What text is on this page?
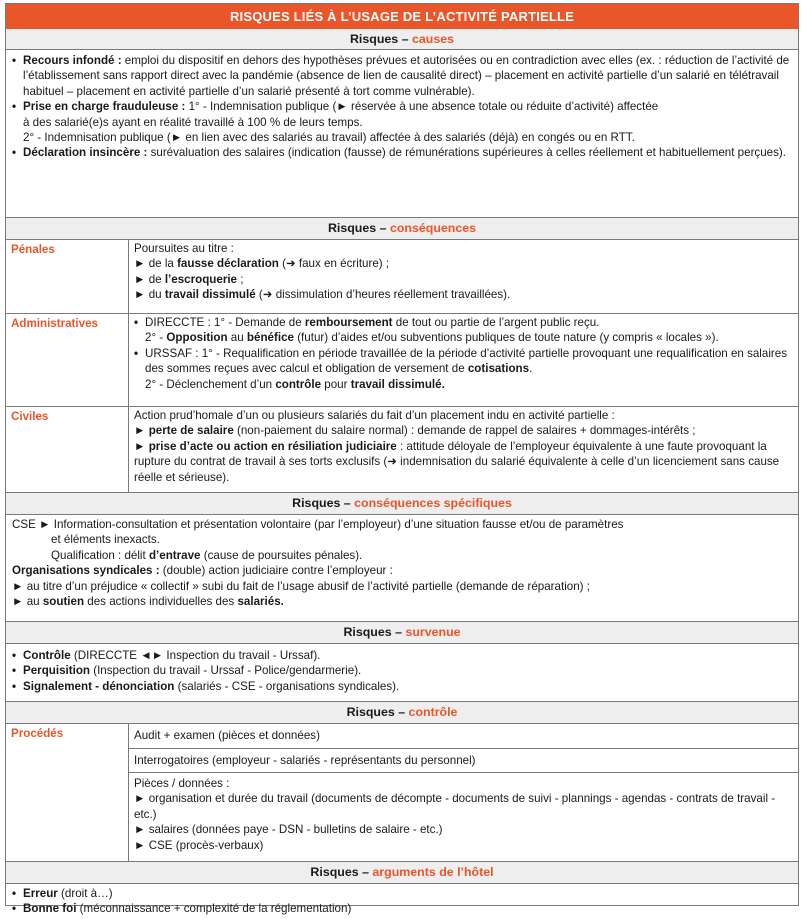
RISQUES LIÉS À L’USAGE DE L’ACTIVITÉ PARTIELLE
Risques – causes
• Recours infondé : emploi du dispositif en dehors des hypothèses prévues et autorisées ou en contradiction avec elles (ex. : réduction de l’activité de l’établissement sans rapport direct avec la pandémie (absence de lien de causalité direct) – placement en activité partielle d’un salarié en télétravail habituel – placement en activité partielle d’un salarié présenté à tort comme vulnérable).
• Prise en charge frauduleuse : 1° - Indemnisation publique (► réservée à une absence totale ou réduite d’activité) affectée
à des salarié(e)s ayant en réalité travaillé à 100 % de leurs temps.
2° - Indemnisation publique (► en lien avec des salariés au travail) affectée à des salariés (déjà) en congés ou en RTT.
• Déclaration insincère : surévaluation des salaires (indication (fausse) de rémunérations supérieures à celles réellement et habituellement perçues).
Risques – conséquences
Pénales	Poursuites au titre :
► de la fausse déclaration (➜ faux en écriture) ;
► de l’escroquerie ;
► du travail dissimulé (➜ dissimulation d’heures réellement travaillées).
Administratives	• DIRECCTE : 1° - Demande de remboursement de tout ou partie de l’argent public reçu.
2° - Opposition au bénéfice (futur) d’aides et/ou subventions publiques de toute nature (y compris « locales »).
• URSSAF : 1° - Requalification en période travaillée de la période d’activité partielle provoquant une requalification en salaires des sommes reçues avec calcul et obligation de versement de cotisations.
2° - Déclenchement d’un contrôle pour travail dissimulé.
Civiles	Action prud’homale d’un ou plusieurs salariés du fait d’un placement indu en activité partielle :
► perte de salaire (non-paiement du salaire normal) : demande de rappel de salaires + dommages-intérêts ;
► prise d’acte ou action en résiliation judiciaire : attitude déloyale de l’employeur équivalente à une faute provoquant la rupture du contrat de travail à ses torts exclusifs (➜ indemnisation du salarié équivalente à celle d’un licenciement sans cause réelle et sérieuse).
Risques – conséquences spécifiques
CSE ► Information-consultation et présentation volontaire (par l’employeur) d’une situation fausse et/ou de paramètres
et éléments inexacts.
Qualification : délit d’entrave (cause de poursuites pénales).
Organisations syndicales : (double) action judiciaire contre l’employeur :
► au titre d’un préjudice « collectif » subi du fait de l’usage abusif de l’activité partielle (demande de réparation) ;
► au soutien des actions individuelles des salariés.
Risques – survenue
• Contrôle (DIRECCTE ◄► Inspection du travail - Urssaf).
• Perquisition (Inspection du travail - Urssaf - Police/gendarmerie).
• Signalement - dénonciation (salariés - CSE - organisations syndicales).
Risques – contrôle
Procédés	Audit + examen (pièces et données)
Interrogatoires (employeur - salariés - représentants du personnel)
Pièces / données :
► organisation et durée du travail (documents de décompte - documents de suivi - plannings - agendas - contrats de travail - etc.)
► salaires (données paye - DSN - bulletins de salaire - etc.)
► CSE (procès-verbaux)
Risques – arguments de l’hôtel
• Erreur (droit à…)
• Bonne foi (méconnaissance + complexité de la réglementation)
